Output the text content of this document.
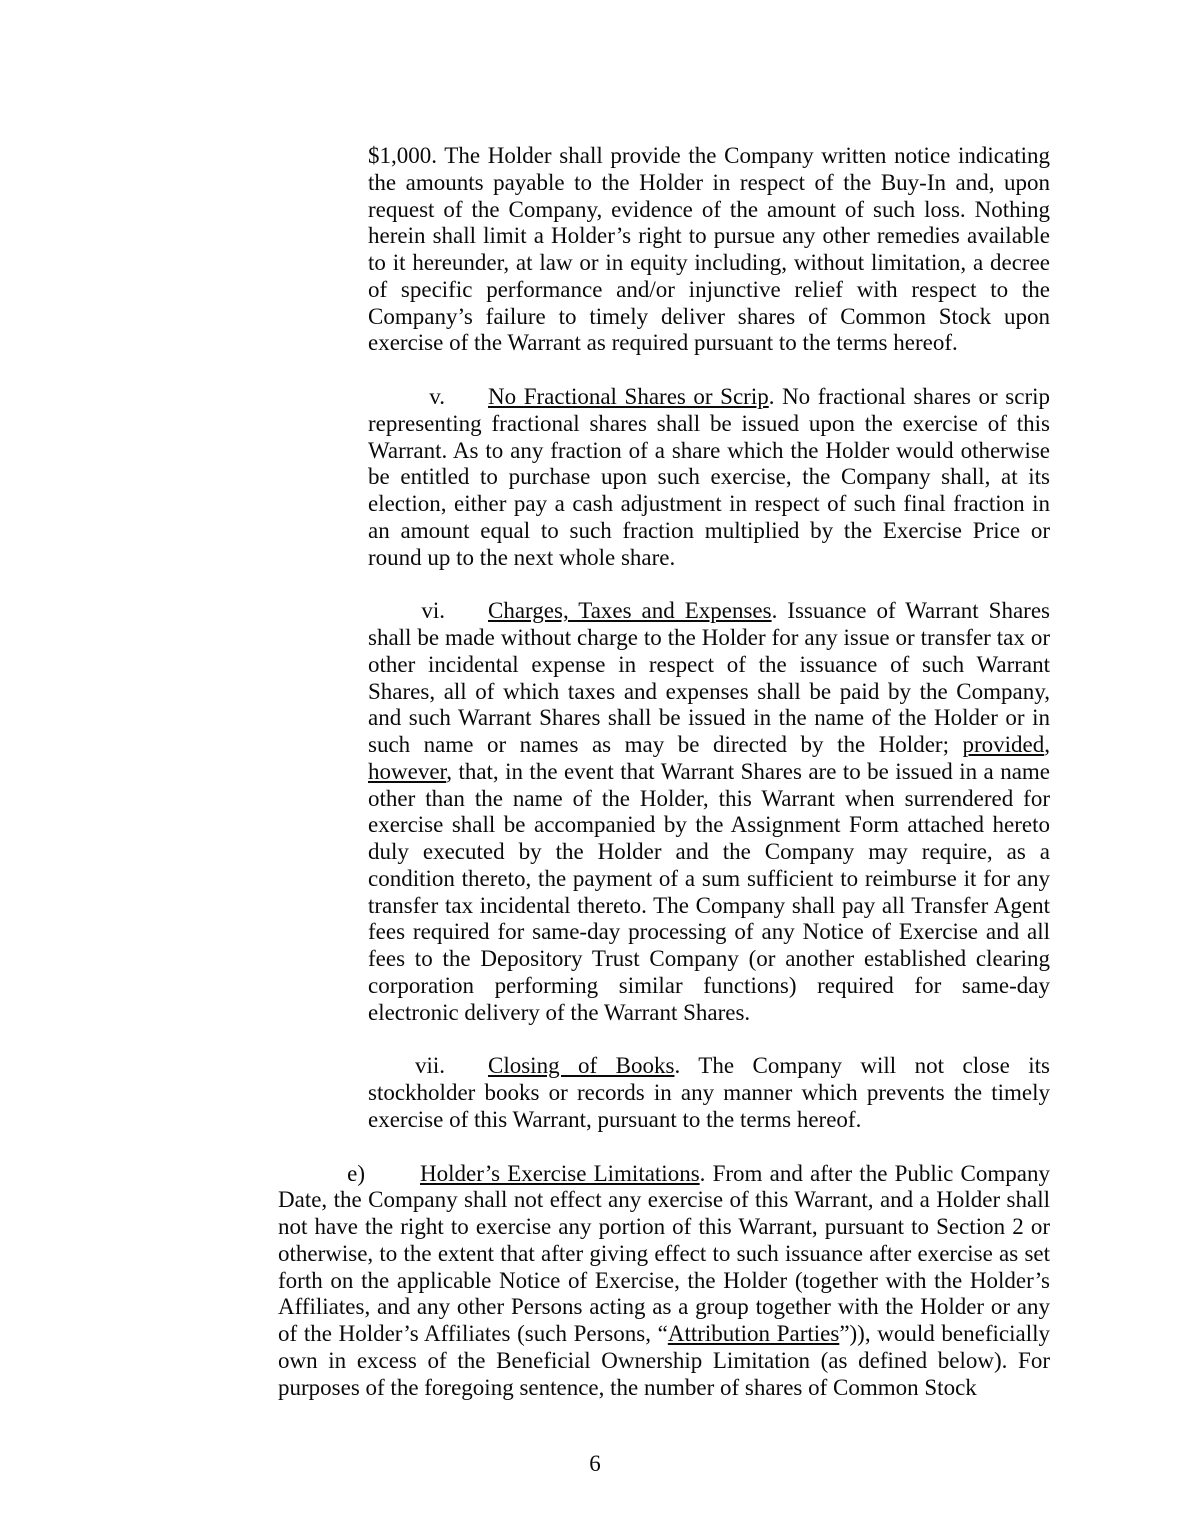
$1,000. The Holder shall provide the Company written notice indicating the amounts payable to the Holder in respect of the Buy-In and, upon request of the Company, evidence of the amount of such loss. Nothing herein shall limit a Holder’s right to pursue any other remedies available to it hereunder, at law or in equity including, without limitation, a decree of specific performance and/or injunctive relief with respect to the Company’s failure to timely deliver shares of Common Stock upon exercise of the Warrant as required pursuant to the terms hereof.

v. No Fractional Shares or Scrip. No fractional shares or scrip representing fractional shares shall be issued upon the exercise of this Warrant. As to any fraction of a share which the Holder would otherwise be entitled to purchase upon such exercise, the Company shall, at its election, either pay a cash adjustment in respect of such final fraction in an amount equal to such fraction multiplied by the Exercise Price or round up to the next whole share.

vi. Charges, Taxes and Expenses. Issuance of Warrant Shares shall be made without charge to the Holder for any issue or transfer tax or other incidental expense in respect of the issuance of such Warrant Shares, all of which taxes and expenses shall be paid by the Company, and such Warrant Shares shall be issued in the name of the Holder or in such name or names as may be directed by the Holder; provided, however, that, in the event that Warrant Shares are to be issued in a name other than the name of the Holder, this Warrant when surrendered for exercise shall be accompanied by the Assignment Form attached hereto duly executed by the Holder and the Company may require, as a condition thereto, the payment of a sum sufficient to reimburse it for any transfer tax incidental thereto. The Company shall pay all Transfer Agent fees required for same-day processing of any Notice of Exercise and all fees to the Depository Trust Company (or another established clearing corporation performing similar functions) required for same-day electronic delivery of the Warrant Shares.

vii. Closing of Books. The Company will not close its stockholder books or records in any manner which prevents the timely exercise of this Warrant, pursuant to the terms hereof.

e) Holder’s Exercise Limitations. From and after the Public Company Date, the Company shall not effect any exercise of this Warrant, and a Holder shall not have the right to exercise any portion of this Warrant, pursuant to Section 2 or otherwise, to the extent that after giving effect to such issuance after exercise as set forth on the applicable Notice of Exercise, the Holder (together with the Holder’s Affiliates, and any other Persons acting as a group together with the Holder or any of the Holder’s Affiliates (such Persons, “Attribution Parties”)), would beneficially own in excess of the Beneficial Ownership Limitation (as defined below). For purposes of the foregoing sentence, the number of shares of Common Stock

6
